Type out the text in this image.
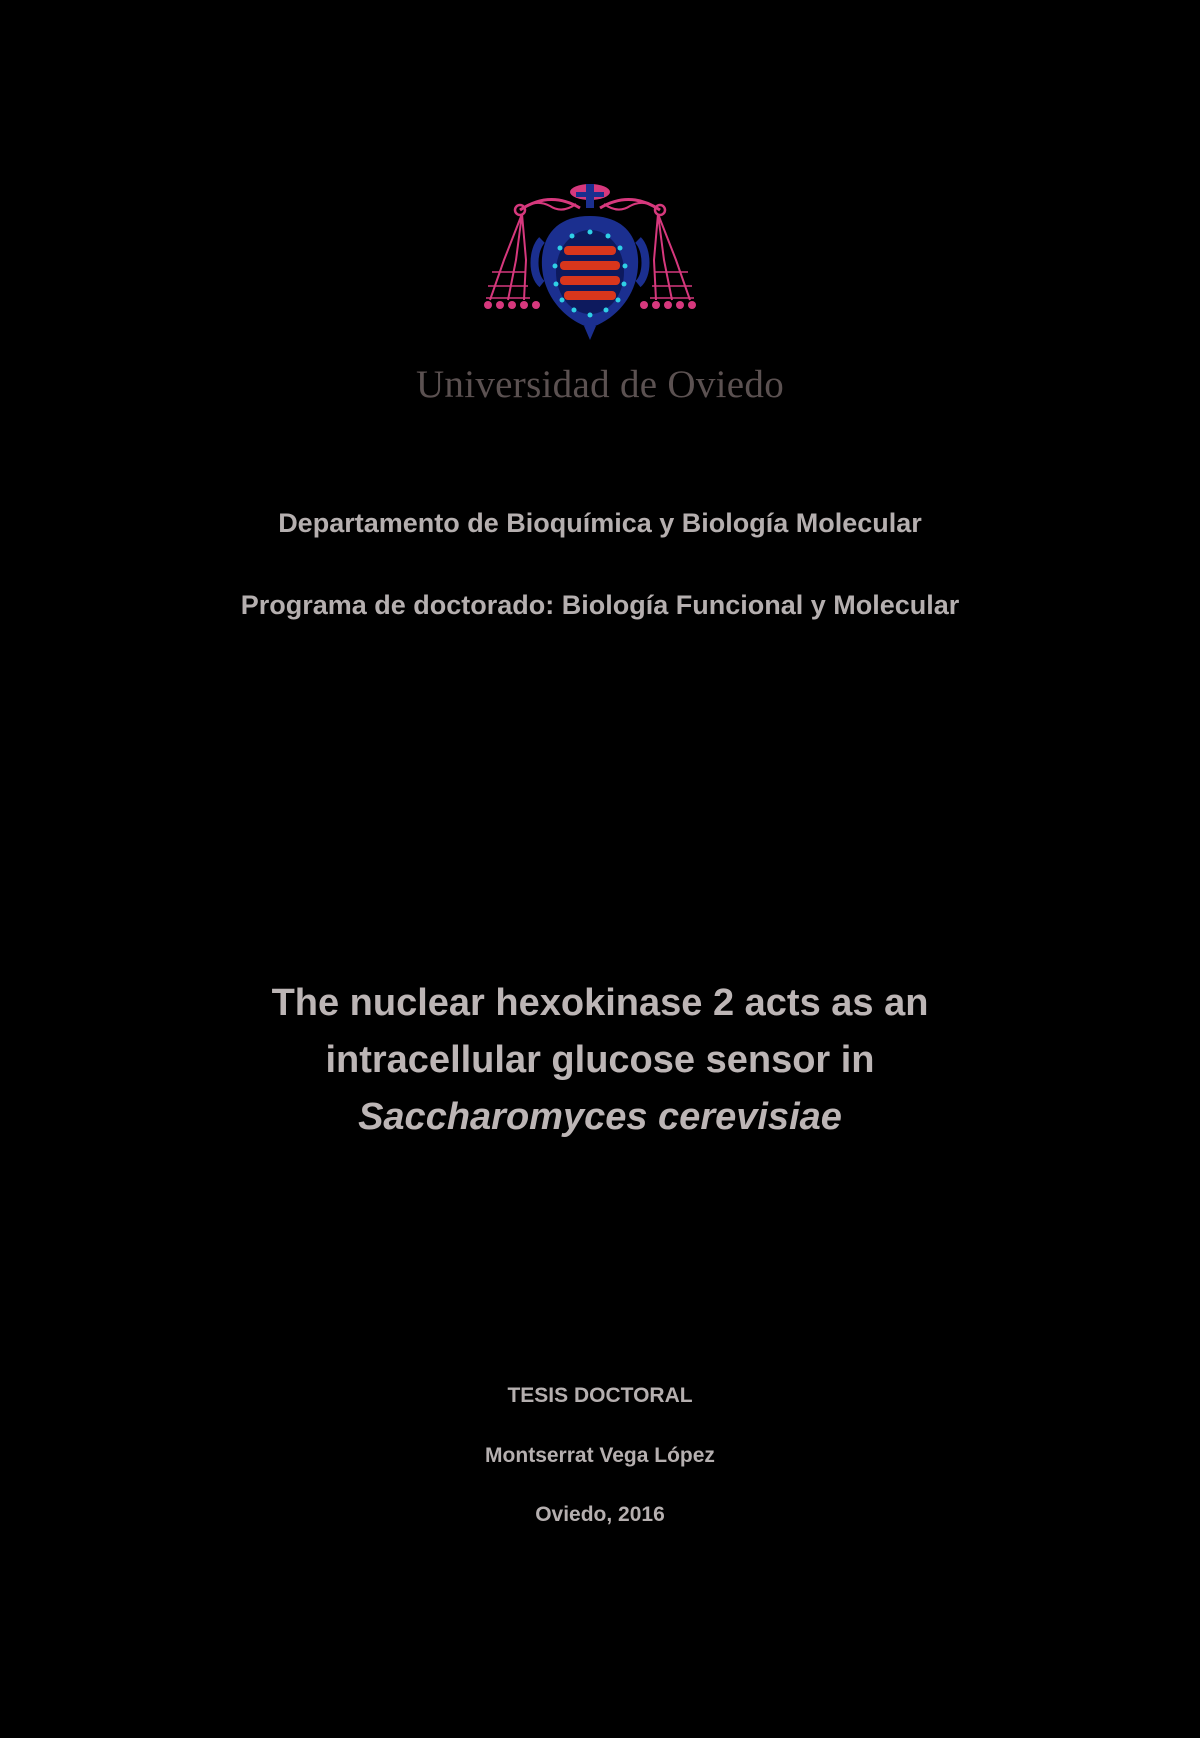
Universidad de Oviedo
Departamento de Bioquímica y Biología Molecular
Programa de doctorado: Biología Funcional y Molecular
The nuclear hexokinase 2 acts as an
intracellular glucose sensor in
Saccharomyces cerevisiae
TESIS DOCTORAL
Montserrat Vega López
Oviedo, 2016
